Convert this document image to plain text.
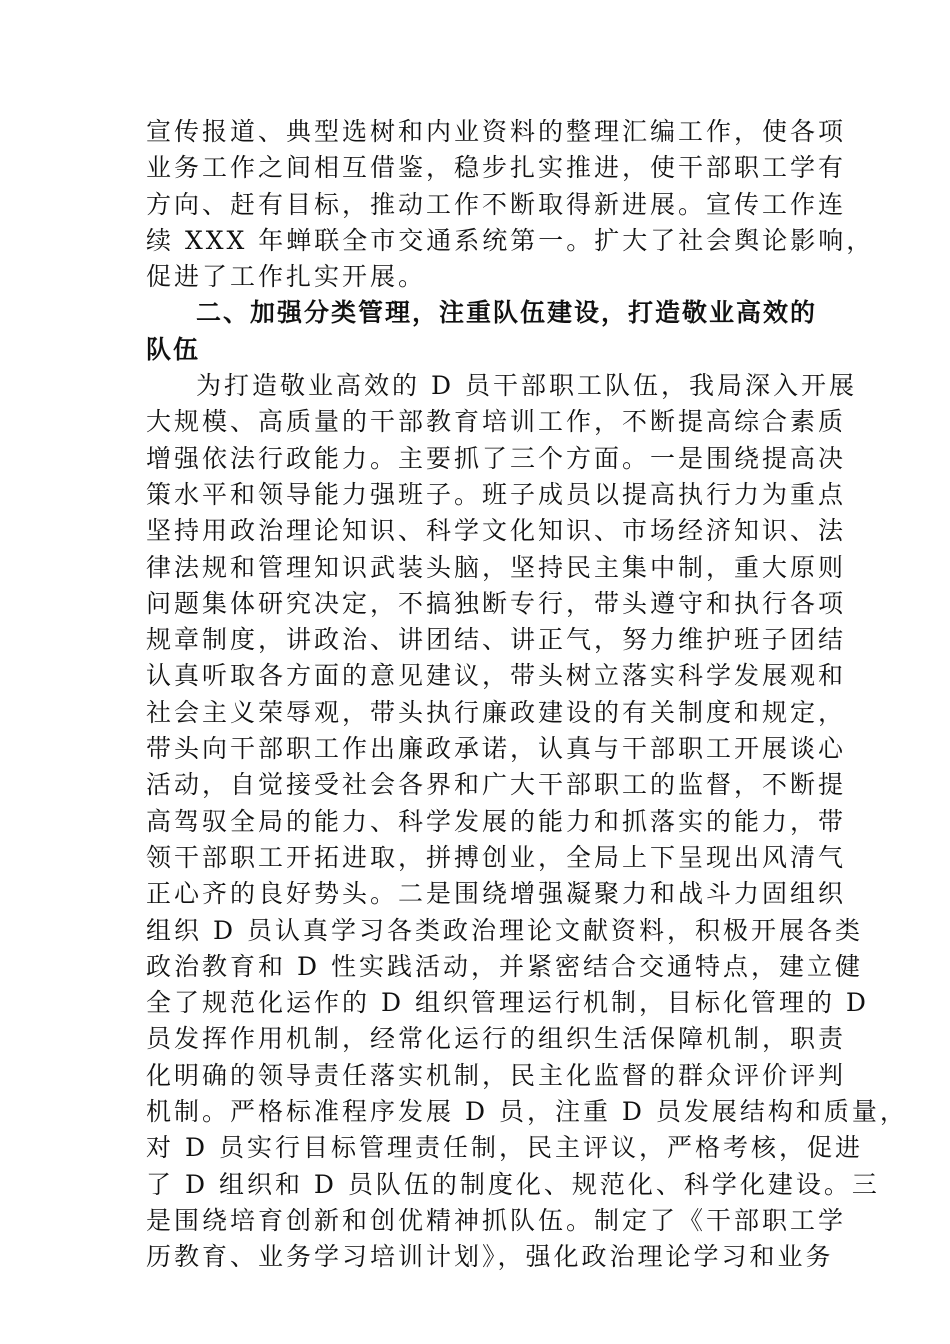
宣传报道、典型选树和内业资料的整理汇编工作，使各项
业务工作之间相互借鉴，稳步扎实推进，使干部职工学有
方向、赶有目标，推动工作不断取得新进展。宣传工作连
续 XXX 年蝉联全市交通系统第一。扩大了社会舆论影响，
促进了工作扎实开展。
二、加强分类管理，注重队伍建设，打造敬业高效的
队伍
为打造敬业高效的 D 员干部职工队伍，我局深入开展
大规模、高质量的干部教育培训工作，不断提高综合素质
增强依法行政能力。主要抓了三个方面。一是围绕提高决
策水平和领导能力强班子。班子成员以提高执行力为重点
坚持用政治理论知识、科学文化知识、市场经济知识、法
律法规和管理知识武装头脑，坚持民主集中制，重大原则
问题集体研究决定，不搞独断专行，带头遵守和执行各项
规章制度，讲政治、讲团结、讲正气，努力维护班子团结
认真听取各方面的意见建议，带头树立落实科学发展观和
社会主义荣辱观，带头执行廉政建设的有关制度和规定，
带头向干部职工作出廉政承诺，认真与干部职工开展谈心
活动，自觉接受社会各界和广大干部职工的监督，不断提
高驾驭全局的能力、科学发展的能力和抓落实的能力，带
领干部职工开拓进取，拼搏创业，全局上下呈现出风清气
正心齐的良好势头。二是围绕增强凝聚力和战斗力固组织
组织 D 员认真学习各类政治理论文献资料，积极开展各类
政治教育和 D 性实践活动，并紧密结合交通特点，建立健
全了规范化运作的 D 组织管理运行机制，目标化管理的 D
员发挥作用机制，经常化运行的组织生活保障机制，职责
化明确的领导责任落实机制，民主化监督的群众评价评判
机制。严格标准程序发展 D 员，注重 D 员发展结构和质量，
对 D 员实行目标管理责任制，民主评议，严格考核，促进
了 D 组织和 D 员队伍的制度化、规范化、科学化建设。三
是围绕培育创新和创优精神抓队伍。制定了《干部职工学
历教育、业务学习培训计划》，强化政治理论学习和业务
